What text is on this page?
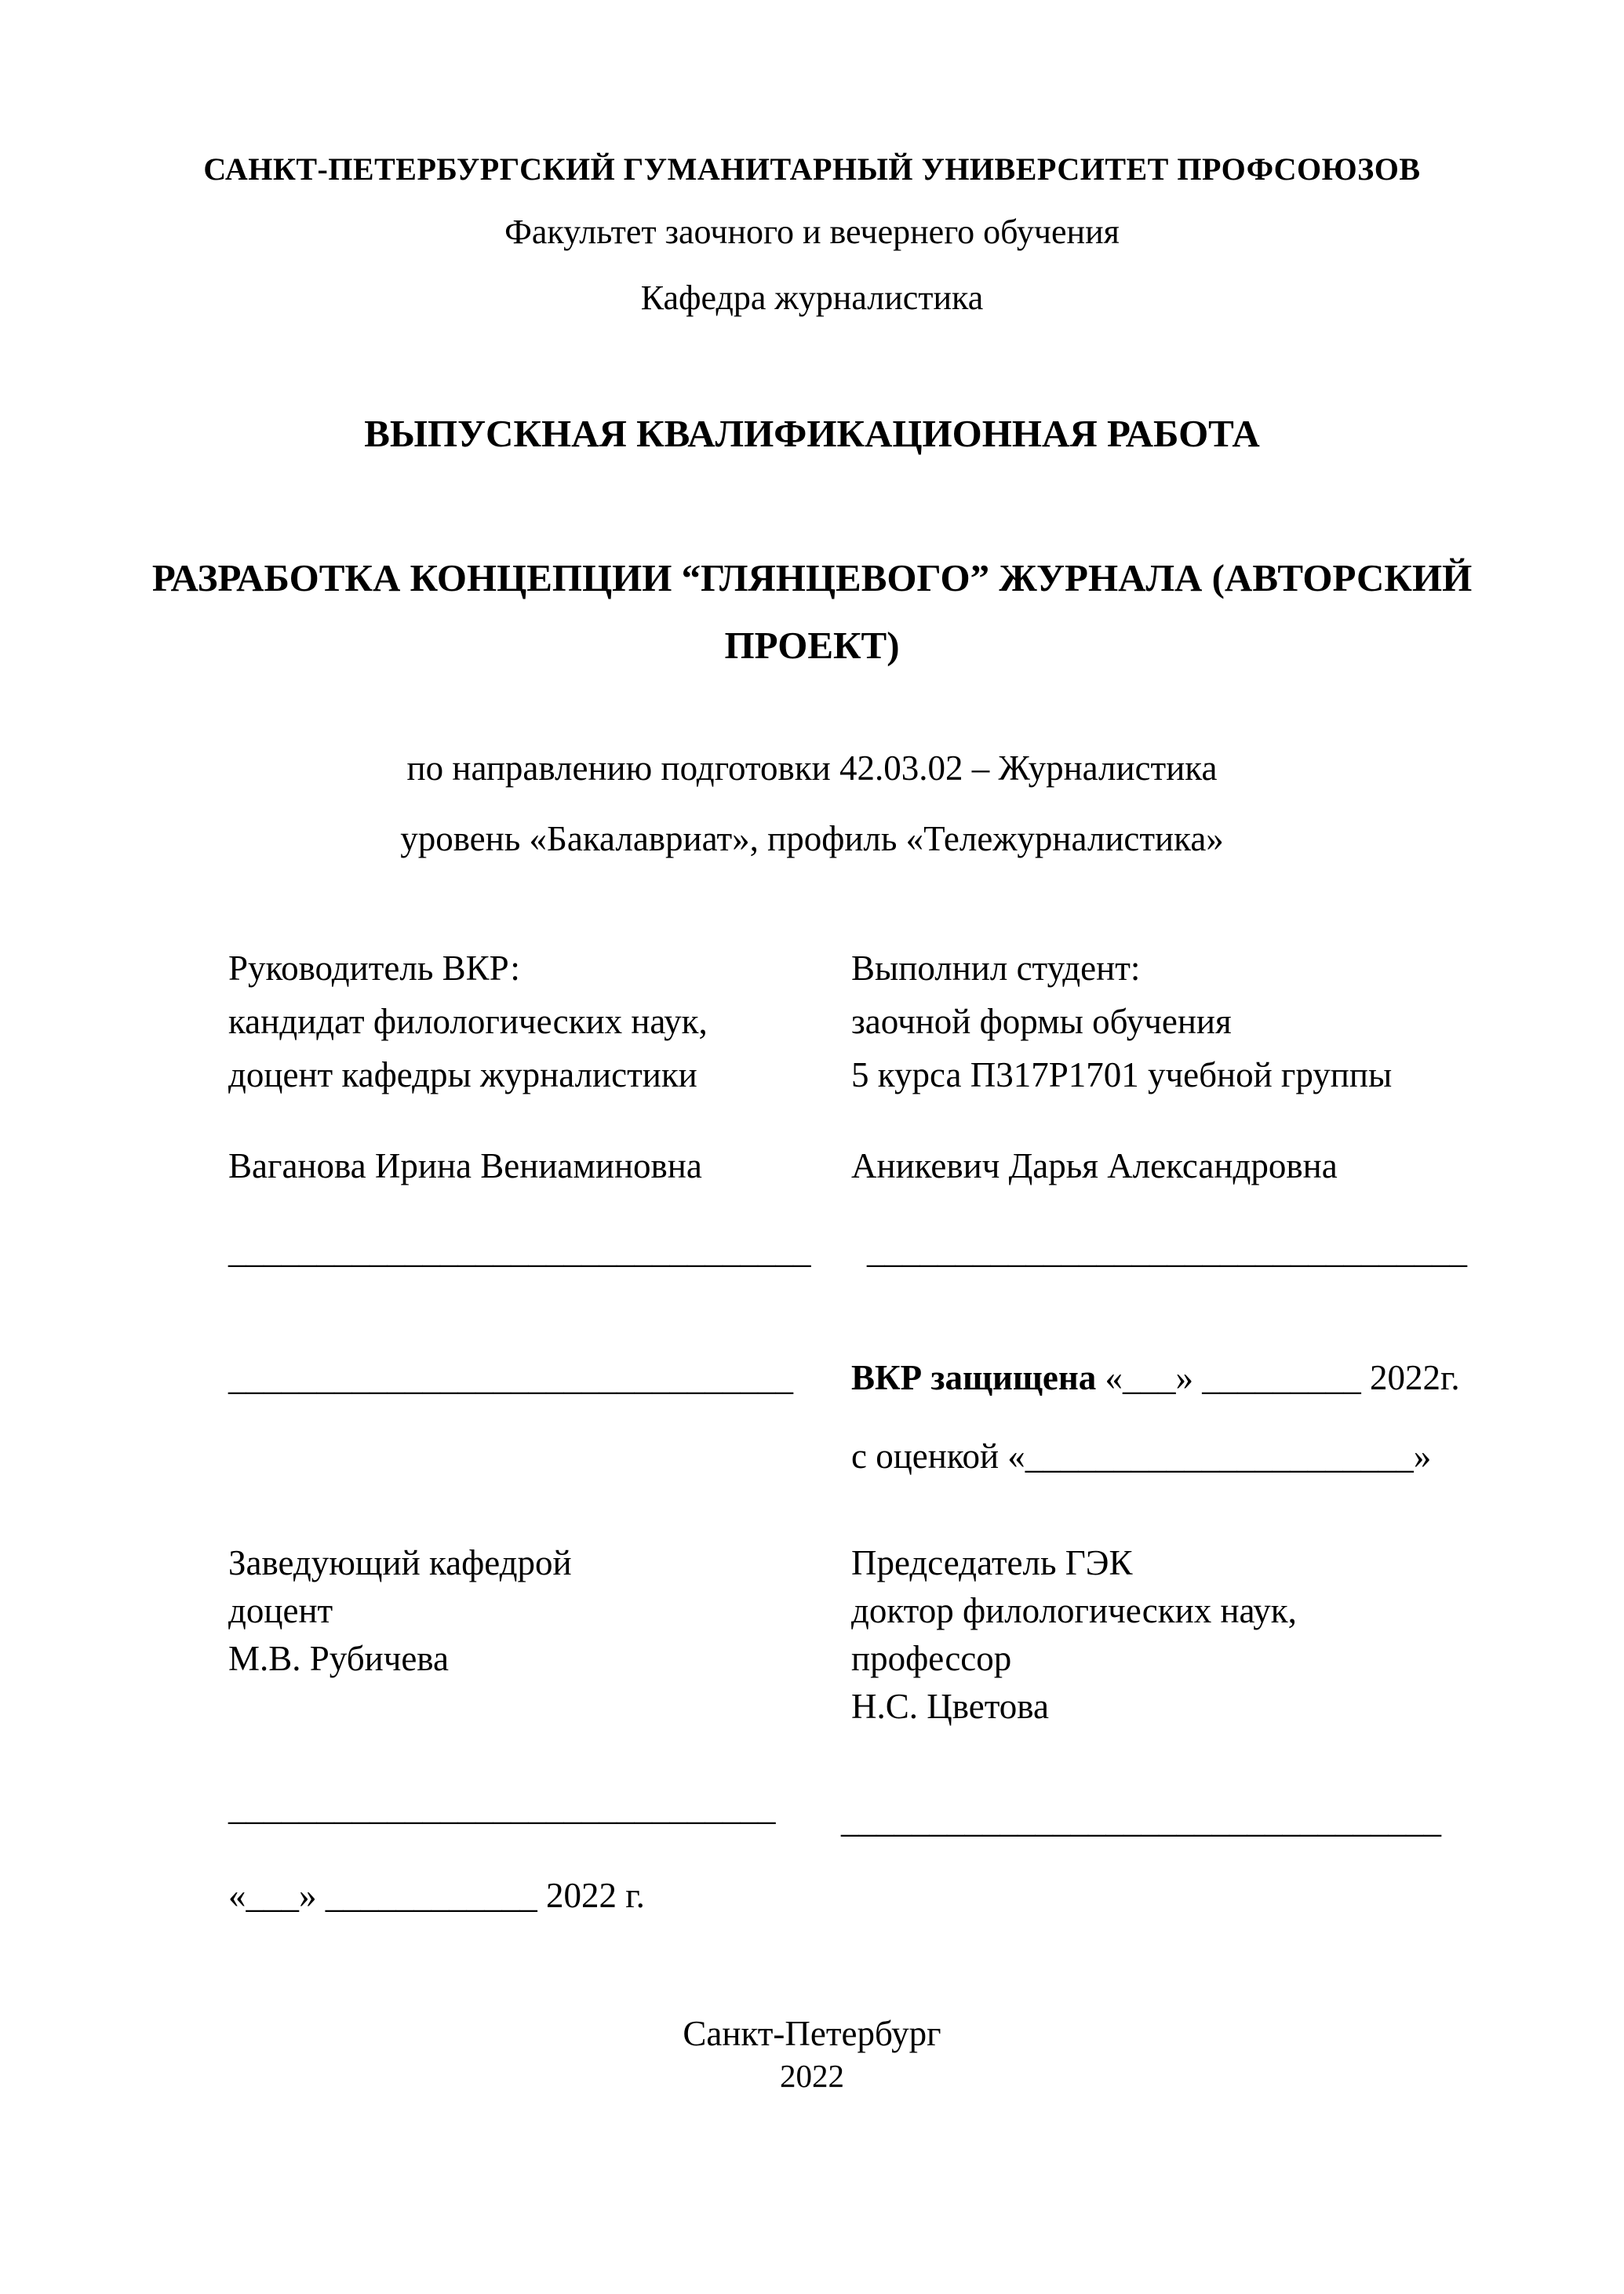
САНКТ-ПЕТЕРБУРГСКИЙ ГУМАНИТАРНЫЙ УНИВЕРСИТЕТ ПРОФСОЮЗОВ
Факультет заочного и вечернего обучения
Кафедра журналистика
ВЫПУСКНАЯ КВАЛИФИКАЦИОННАЯ РАБОТА
РАЗРАБОТКА КОНЦЕПЦИИ “ГЛЯНЦЕВОГО” ЖУРНАЛА (АВТОРСКИЙ
ПРОЕКТ)
по направлению подготовки 42.03.02 – Журналистика
уровень «Бакалавриат», профиль «Тележурналистика»
Руководитель ВКР:
кандидат филологических наук,
доцент кафедры журналистики
Выполнил студент:
заочной формы обучения
5 курса П317Р1701 учебной группы
Ваганова Ирина Вениаминовна	Аникевич Дарья Александровна
_________________________________ __________________________________
________________________________ ВКР защищена «___» _________ 2022г.
с оценкой «______________________»
Заведующий кафедрой
доцент
М.В. Рубичева
Председатель ГЭК
доктор филологических наук,
профессор
Н.С. Цветова
_______________________________ __________________________________
«___» ____________ 2022 г.
Санкт-Петербург
2022
